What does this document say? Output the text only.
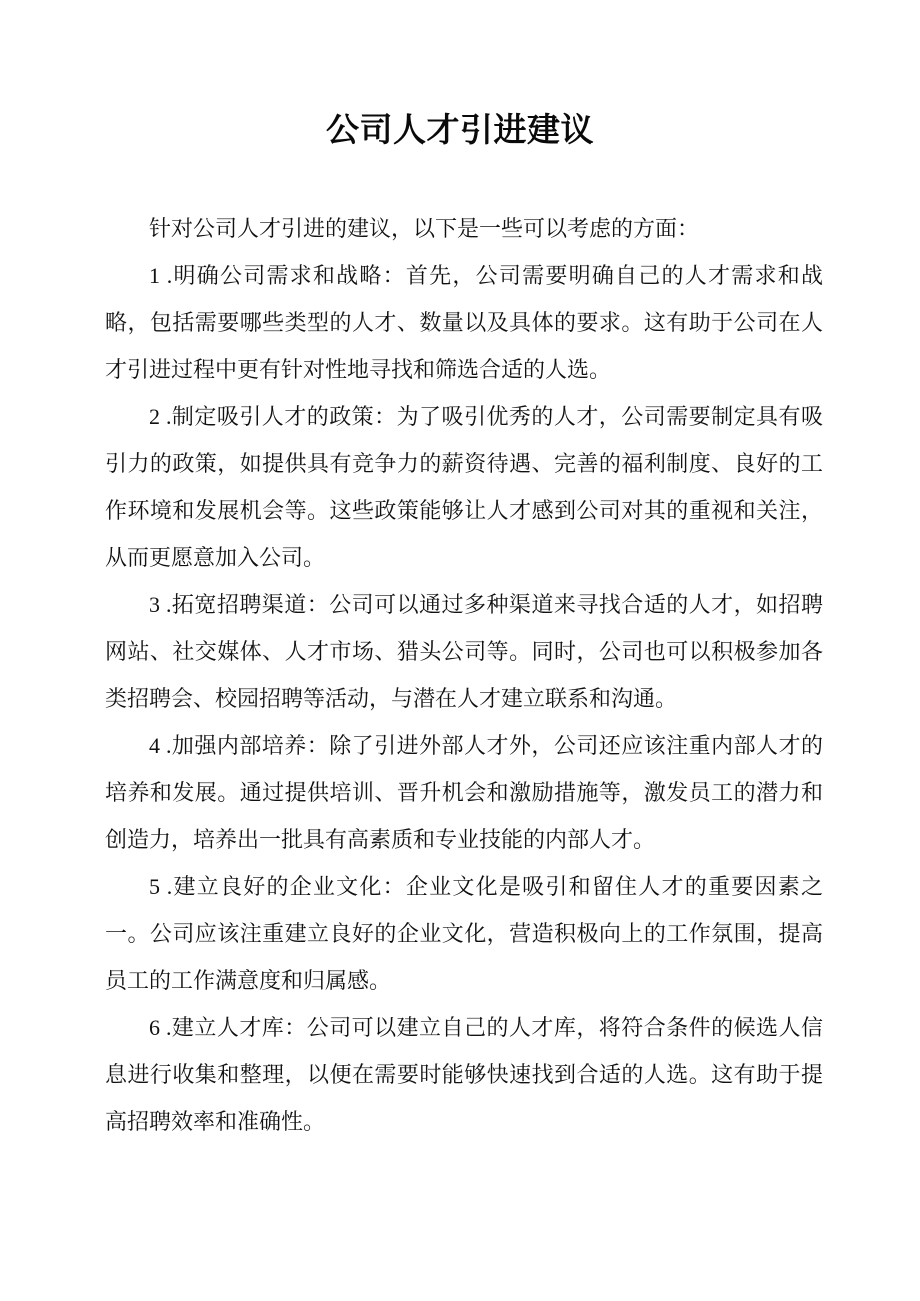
公司人才引进建议

针对公司人才引进的建议，以下是一些可以考虑的方面：

1 .明确公司需求和战略：首先，公司需要明确自己的人才需求和战略，包括需要哪些类型的人才、数量以及具体的要求。这有助于公司在人才引进过程中更有针对性地寻找和筛选合适的人选。

2 .制定吸引人才的政策：为了吸引优秀的人才，公司需要制定具有吸引力的政策，如提供具有竞争力的薪资待遇、完善的福利制度、良好的工作环境和发展机会等。这些政策能够让人才感到公司对其的重视和关注，从而更愿意加入公司。

3 .拓宽招聘渠道：公司可以通过多种渠道来寻找合适的人才，如招聘网站、社交媒体、人才市场、猎头公司等。同时，公司也可以积极参加各类招聘会、校园招聘等活动，与潜在人才建立联系和沟通。

4 .加强内部培养：除了引进外部人才外，公司还应该注重内部人才的培养和发展。通过提供培训、晋升机会和激励措施等，激发员工的潜力和创造力，培养出一批具有高素质和专业技能的内部人才。

5 .建立良好的企业文化：企业文化是吸引和留住人才的重要因素之一。公司应该注重建立良好的企业文化，营造积极向上的工作氛围，提高员工的工作满意度和归属感。

6 .建立人才库：公司可以建立自己的人才库，将符合条件的候选人信息进行收集和整理，以便在需要时能够快速找到合适的人选。这有助于提高招聘效率和准确性。
